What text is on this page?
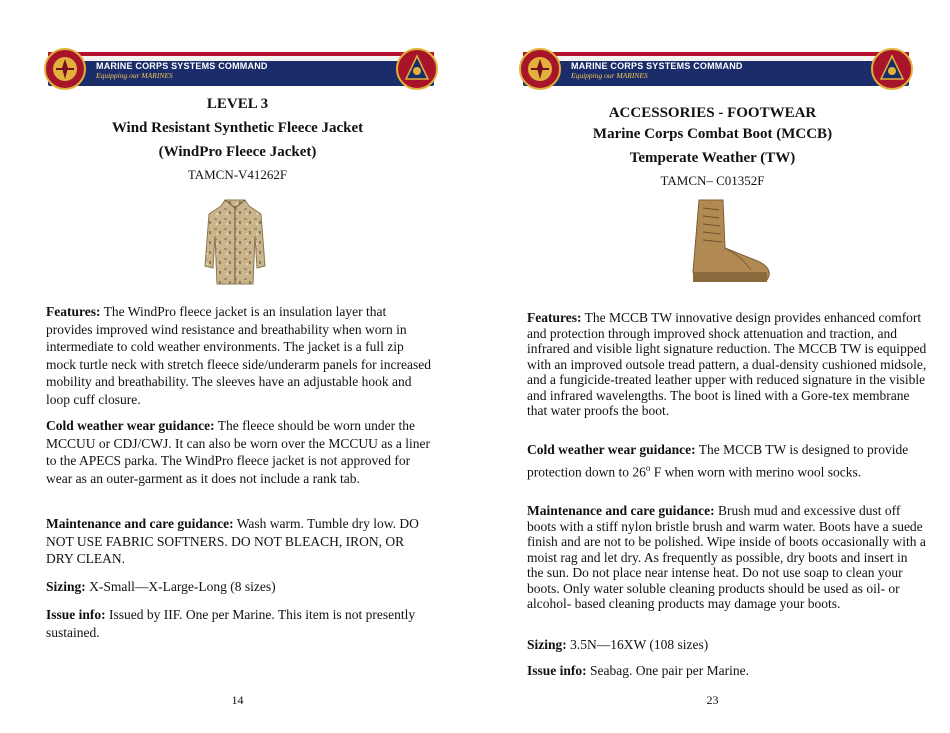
MARINE CORPS SYSTEMS COMMAND
Equipping our MARINES
LEVEL 3
Wind Resistant Synthetic Fleece Jacket
(WindPro Fleece Jacket)
TAMCN-V41262F

Features: The WindPro fleece jacket is an insulation layer that provides improved wind resistance and breathability when worn in intermediate to cold weather environments. The jacket is a full zip mock turtle neck with stretch fleece side/underarm panels for increased mobility and breathability. The sleeves have an adjustable hook and loop cuff closure.

Cold weather wear guidance: The fleece should be worn under the MCCUU or CDJ/CWJ. It can also be worn over the MCCUU as a liner to the APECS parka. The WindPro fleece jacket is not approved for wear as an outer-garment as it does not include a rank tab.

Maintenance and care guidance: Wash warm. Tumble dry low. DO NOT USE FABRIC SOFTNERS. DO NOT BLEACH, IRON, OR DRY CLEAN.

Sizing: X-Small—X-Large-Long (8 sizes)

Issue info: Issued by IIF. One per Marine. This item is not presently sustained.

14
MARINE CORPS SYSTEMS COMMAND
Equipping our MARINES
ACCESSORIES - FOOTWEAR
Marine Corps Combat Boot (MCCB)
Temperate Weather (TW)
TAMCN– C01352F

Features: The MCCB TW innovative design provides enhanced comfort and protection through improved shock attenuation and traction, and infrared and visible light signature reduction. The MCCB TW is equipped with an improved outsole tread pattern, a dual-density cushioned midsole, and a fungicide-treated leather upper with reduced signature in the visible and infrared wavelengths. The boot is lined with a Gore-tex membrane that water proofs the boot.

Cold weather wear guidance: The MCCB TW is designed to provide protection down to 26$^o$ F when worn with merino wool socks.

Maintenance and care guidance: Brush mud and excessive dust off boots with a stiff nylon bristle brush and warm water. Boots have a suede finish and are not to be polished. Wipe inside of boots occasionally with a moist rag and let dry. As frequently as possible, dry boots and insert in the sun. Do not place near intense heat. Do not use soap to clean your boots. Only water soluble cleaning products should be used as oil- or alcohol- based cleaning products may damage your boots.

Sizing: 3.5N—16XW (108 sizes)

Issue info: Seabag. One pair per Marine.

23
